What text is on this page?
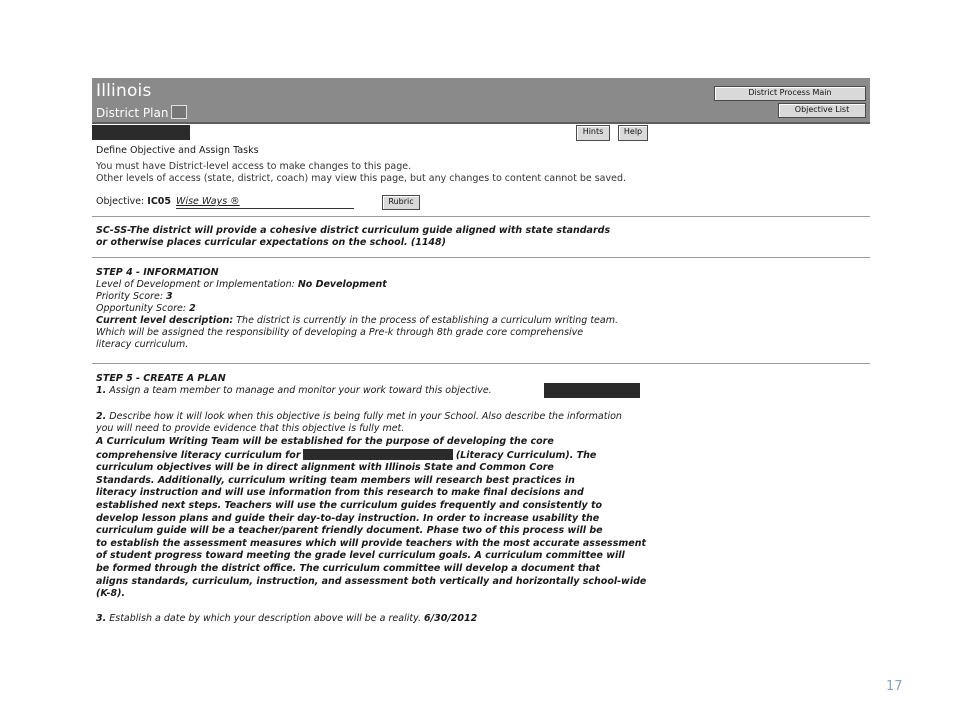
Illinois
District Plan
District Process Main
Objective List
Hints	Help
Define Objective and Assign Tasks
You must have District-level access to make changes to this page.
Other levels of access (state, district, coach) may view this page, but any changes to content cannot be saved.
Objective: IC05 Wise Ways ®	Rubric
SC-SS-The district will provide a cohesive district curriculum guide aligned with state standards
or otherwise places curricular expectations on the school. (1148)
STEP 4 - INFORMATION
Level of Development or Implementation: No Development
Priority Score: 3
Opportunity Score: 2
Current level description: The district is currently in the process of establishing a curriculum writing team.
Which will be assigned the responsibility of developing a Pre-k through 8th grade core comprehensive
literacy curriculum.
STEP 5 - CREATE A PLAN
1. Assign a team member to manage and monitor your work toward this objective.
2. Describe how it will look when this objective is being fully met in your School. Also describe the information
you will need to provide evidence that this objective is fully met.
A Curriculum Writing Team will be established for the purpose of developing the core
comprehensive literacy curriculum for	(Literacy Curriculum). The
curriculum objectives will be in direct alignment with Illinois State and Common Core
Standards. Additionally, curriculum writing team members will research best practices in
literacy instruction and will use information from this research to make final decisions and
established next steps. Teachers will use the curriculum guides frequently and consistently to
develop lesson plans and guide their day-to-day instruction. In order to increase usability the
curriculum guide will be a teacher/parent friendly document. Phase two of this process will be
to establish the assessment measures which will provide teachers with the most accurate assessment
of student progress toward meeting the grade level curriculum goals. A curriculum committee will
be formed through the district office. The curriculum committee will develop a document that
aligns standards, curriculum, instruction, and assessment both vertically and horizontally school-wide
(K-8).
3. Establish a date by which your description above will be a reality. 6/30/2012
17
